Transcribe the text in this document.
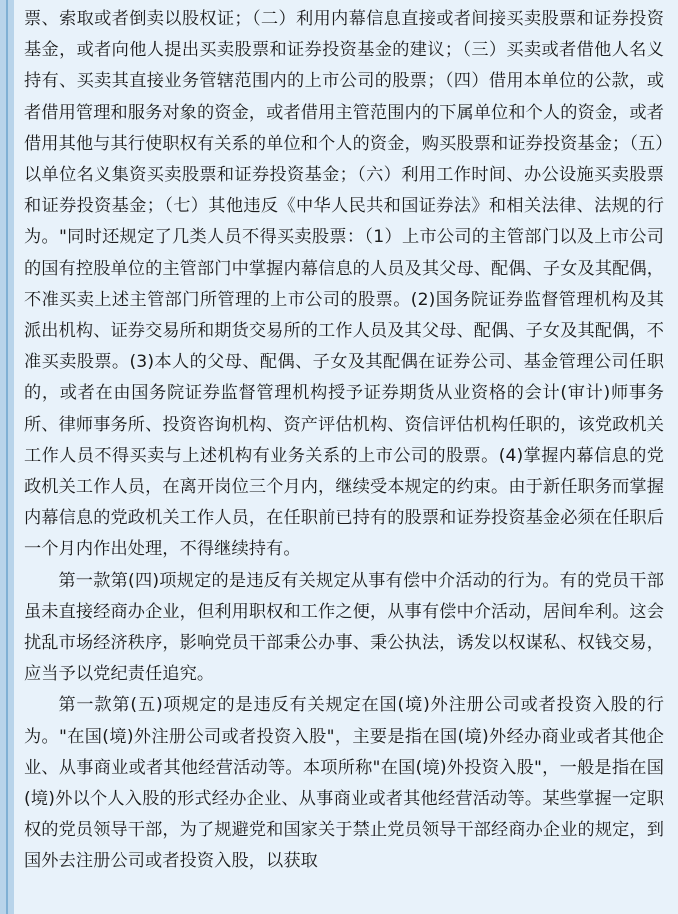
票、索取或者倒卖以股权证；（二）利用内幕信息直接或者间接买卖股票和证券投资基金，或者向他人提出买卖股票和证券投资基金的建议；（三）买卖或者借他人名义持有、买卖其直接业务管辖范围内的上市公司的股票；（四）借用本单位的公款，或者借用管理和服务对象的资金，或者借用主管范围内的下属单位和个人的资金，或者借用其他与其行使职权有关系的单位和个人的资金，购买股票和证券投资基金；（五）以单位名义集资买卖股票和证券投资基金；（六）利用工作时间、办公设施买卖股票和证券投资基金；（七）其他违反《中华人民共和国证券法》和相关法律、法规的行为。"同时还规定了几类人员不得买卖股票：（1）上市公司的主管部门以及上市公司的国有控股单位的主管部门中掌握内幕信息的人员及其父母、配偶、子女及其配偶，不准买卖上述主管部门所管理的上市公司的股票。(2)国务院证券监督管理机构及其派出机构、证券交易所和期货交易所的工作人员及其父母、配偶、子女及其配偶，不准买卖股票。(3)本人的父母、配偶、子女及其配偶在证券公司、基金管理公司任职的，或者在由国务院证券监督管理机构授予证券期货从业资格的会计(审计)师事务所、律师事务所、投资咨询机构、资产评估机构、资信评估机构任职的，该党政机关工作人员不得买卖与上述机构有业务关系的上市公司的股票。(4)掌握内幕信息的党政机关工作人员，在离开岗位三个月内，继续受本规定的约束。由于新任职务而掌握内幕信息的党政机关工作人员，在任职前已持有的股票和证券投资基金必须在任职后一个月内作出处理，不得继续持有。

第一款第(四)项规定的是违反有关规定从事有偿中介活动的行为。有的党员干部虽未直接经商办企业，但利用职权和工作之便，从事有偿中介活动，居间牟利。这会扰乱市场经济秩序，影响党员干部秉公办事、秉公执法，诱发以权谋私、权钱交易，应当予以党纪责任追究。

第一款第(五)项规定的是违反有关规定在国(境)外注册公司或者投资入股的行为。"在国(境)外注册公司或者投资入股"，主要是指在国(境)外经办商业或者其他企业、从事商业或者其他经营活动等。本项所称"在国(境)外投资入股"，一般是指在国(境)外以个人入股的形式经办企业、从事商业或者其他经营活动等。某些掌握一定职权的党员领导干部，为了规避党和国家关于禁止党员领导干部经商办企业的规定，到国外去注册公司或者投资入股，以获取
